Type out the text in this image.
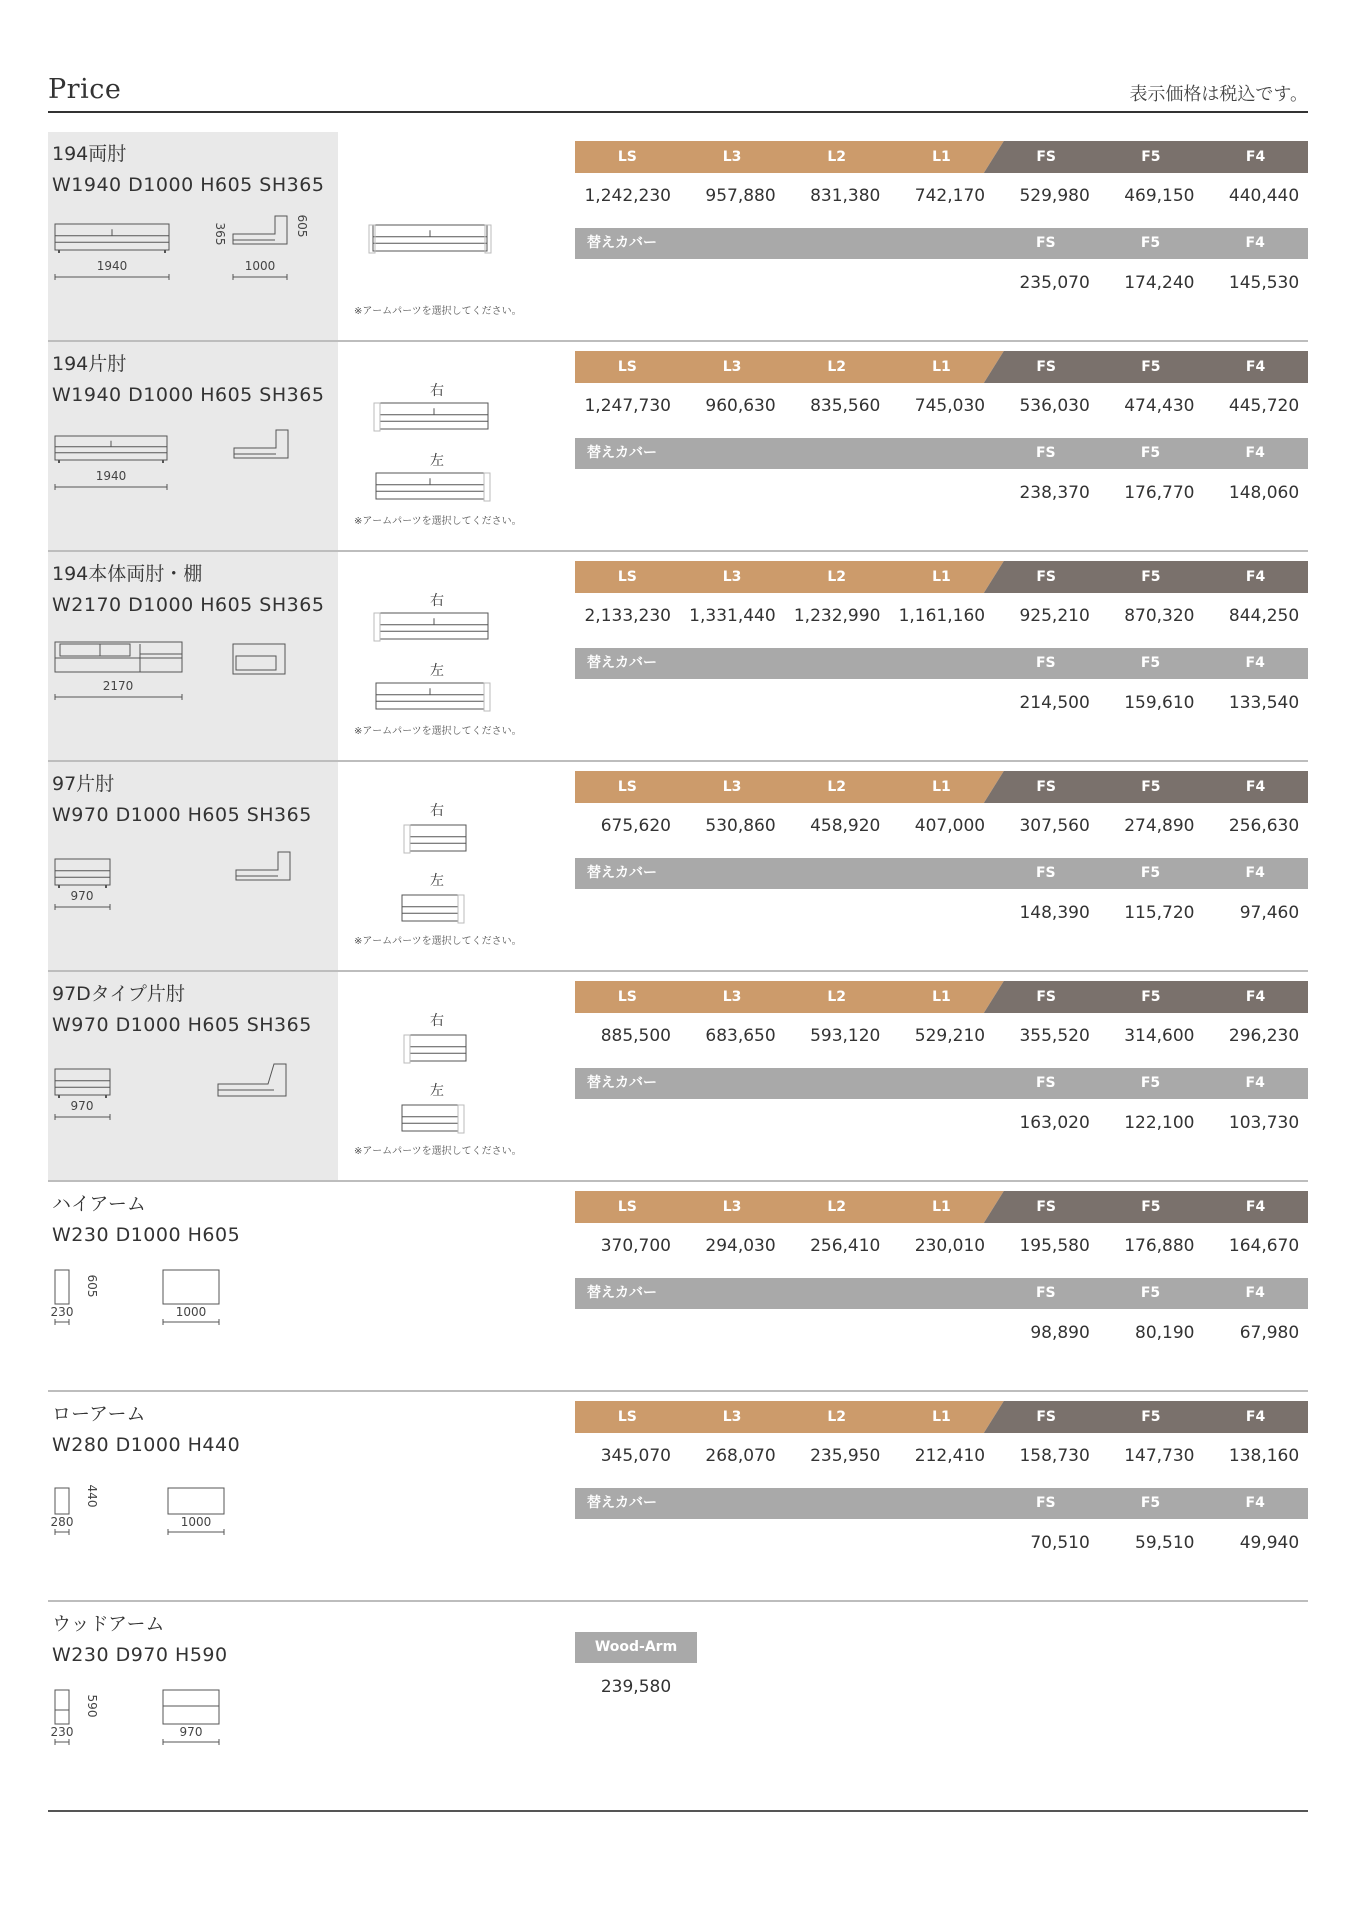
Price	表示価格は税込です。
194両肘
W1940 D1000 H605 SH365
1940	1000
365	605
※アームパーツを選択してください。
LS	L3	L2	L1	FS	F5	F4
1,242,230	957,880	831,380	742,170	529,980	469,150	440,440
替えカバー	FS	F5	F4
235,070	174,240	145,530
194片肘
W1940 D1000 H605 SH365
1940
右
左
※アームパーツを選択してください。
LS	L3	L2	L1	FS	F5	F4
1,247,730	960,630	835,560	745,030	536,030	474,430	445,720
替えカバー	FS	F5	F4
238,370	176,770	148,060
194本体両肘・棚
W2170 D1000 H605 SH365
2170
右
左
※アームパーツを選択してください。
LS	L3	L2	L1	FS	F5	F4
2,133,230	1,331,440	1,232,990	1,161,160	925,210	870,320	844,250
替えカバー	FS	F5	F4
214,500	159,610	133,540
97片肘
W970 D1000 H605 SH365
970
右
左
※アームパーツを選択してください。
LS	L3	L2	L1	FS	F5	F4
675,620	530,860	458,920	407,000	307,560	274,890	256,630
替えカバー	FS	F5	F4
148,390	115,720	97,460
97Dタイプ片肘
W970 D1000 H605 SH365
970
右
左
※アームパーツを選択してください。
LS	L3	L2	L1	FS	F5	F4
885,500	683,650	593,120	529,210	355,520	314,600	296,230
替えカバー	FS	F5	F4
163,020	122,100	103,730
ハイアーム
W230 D1000 H605
230
605
1000
LS	L3	L2	L1	FS	F5	F4
370,700	294,030	256,410	230,010	195,580	176,880	164,670
替えカバー	FS	F5	F4
98,890	80,190	67,980
ローアーム
W280 D1000 H440
280
440
1000
LS	L3	L2	L1	FS	F5	F4
345,070	268,070	235,950	212,410	158,730	147,730	138,160
替えカバー	FS	F5	F4
70,510	59,510	49,940
ウッドアーム
W230 D970 H590
230
590
970
Wood-Arm
239,580
